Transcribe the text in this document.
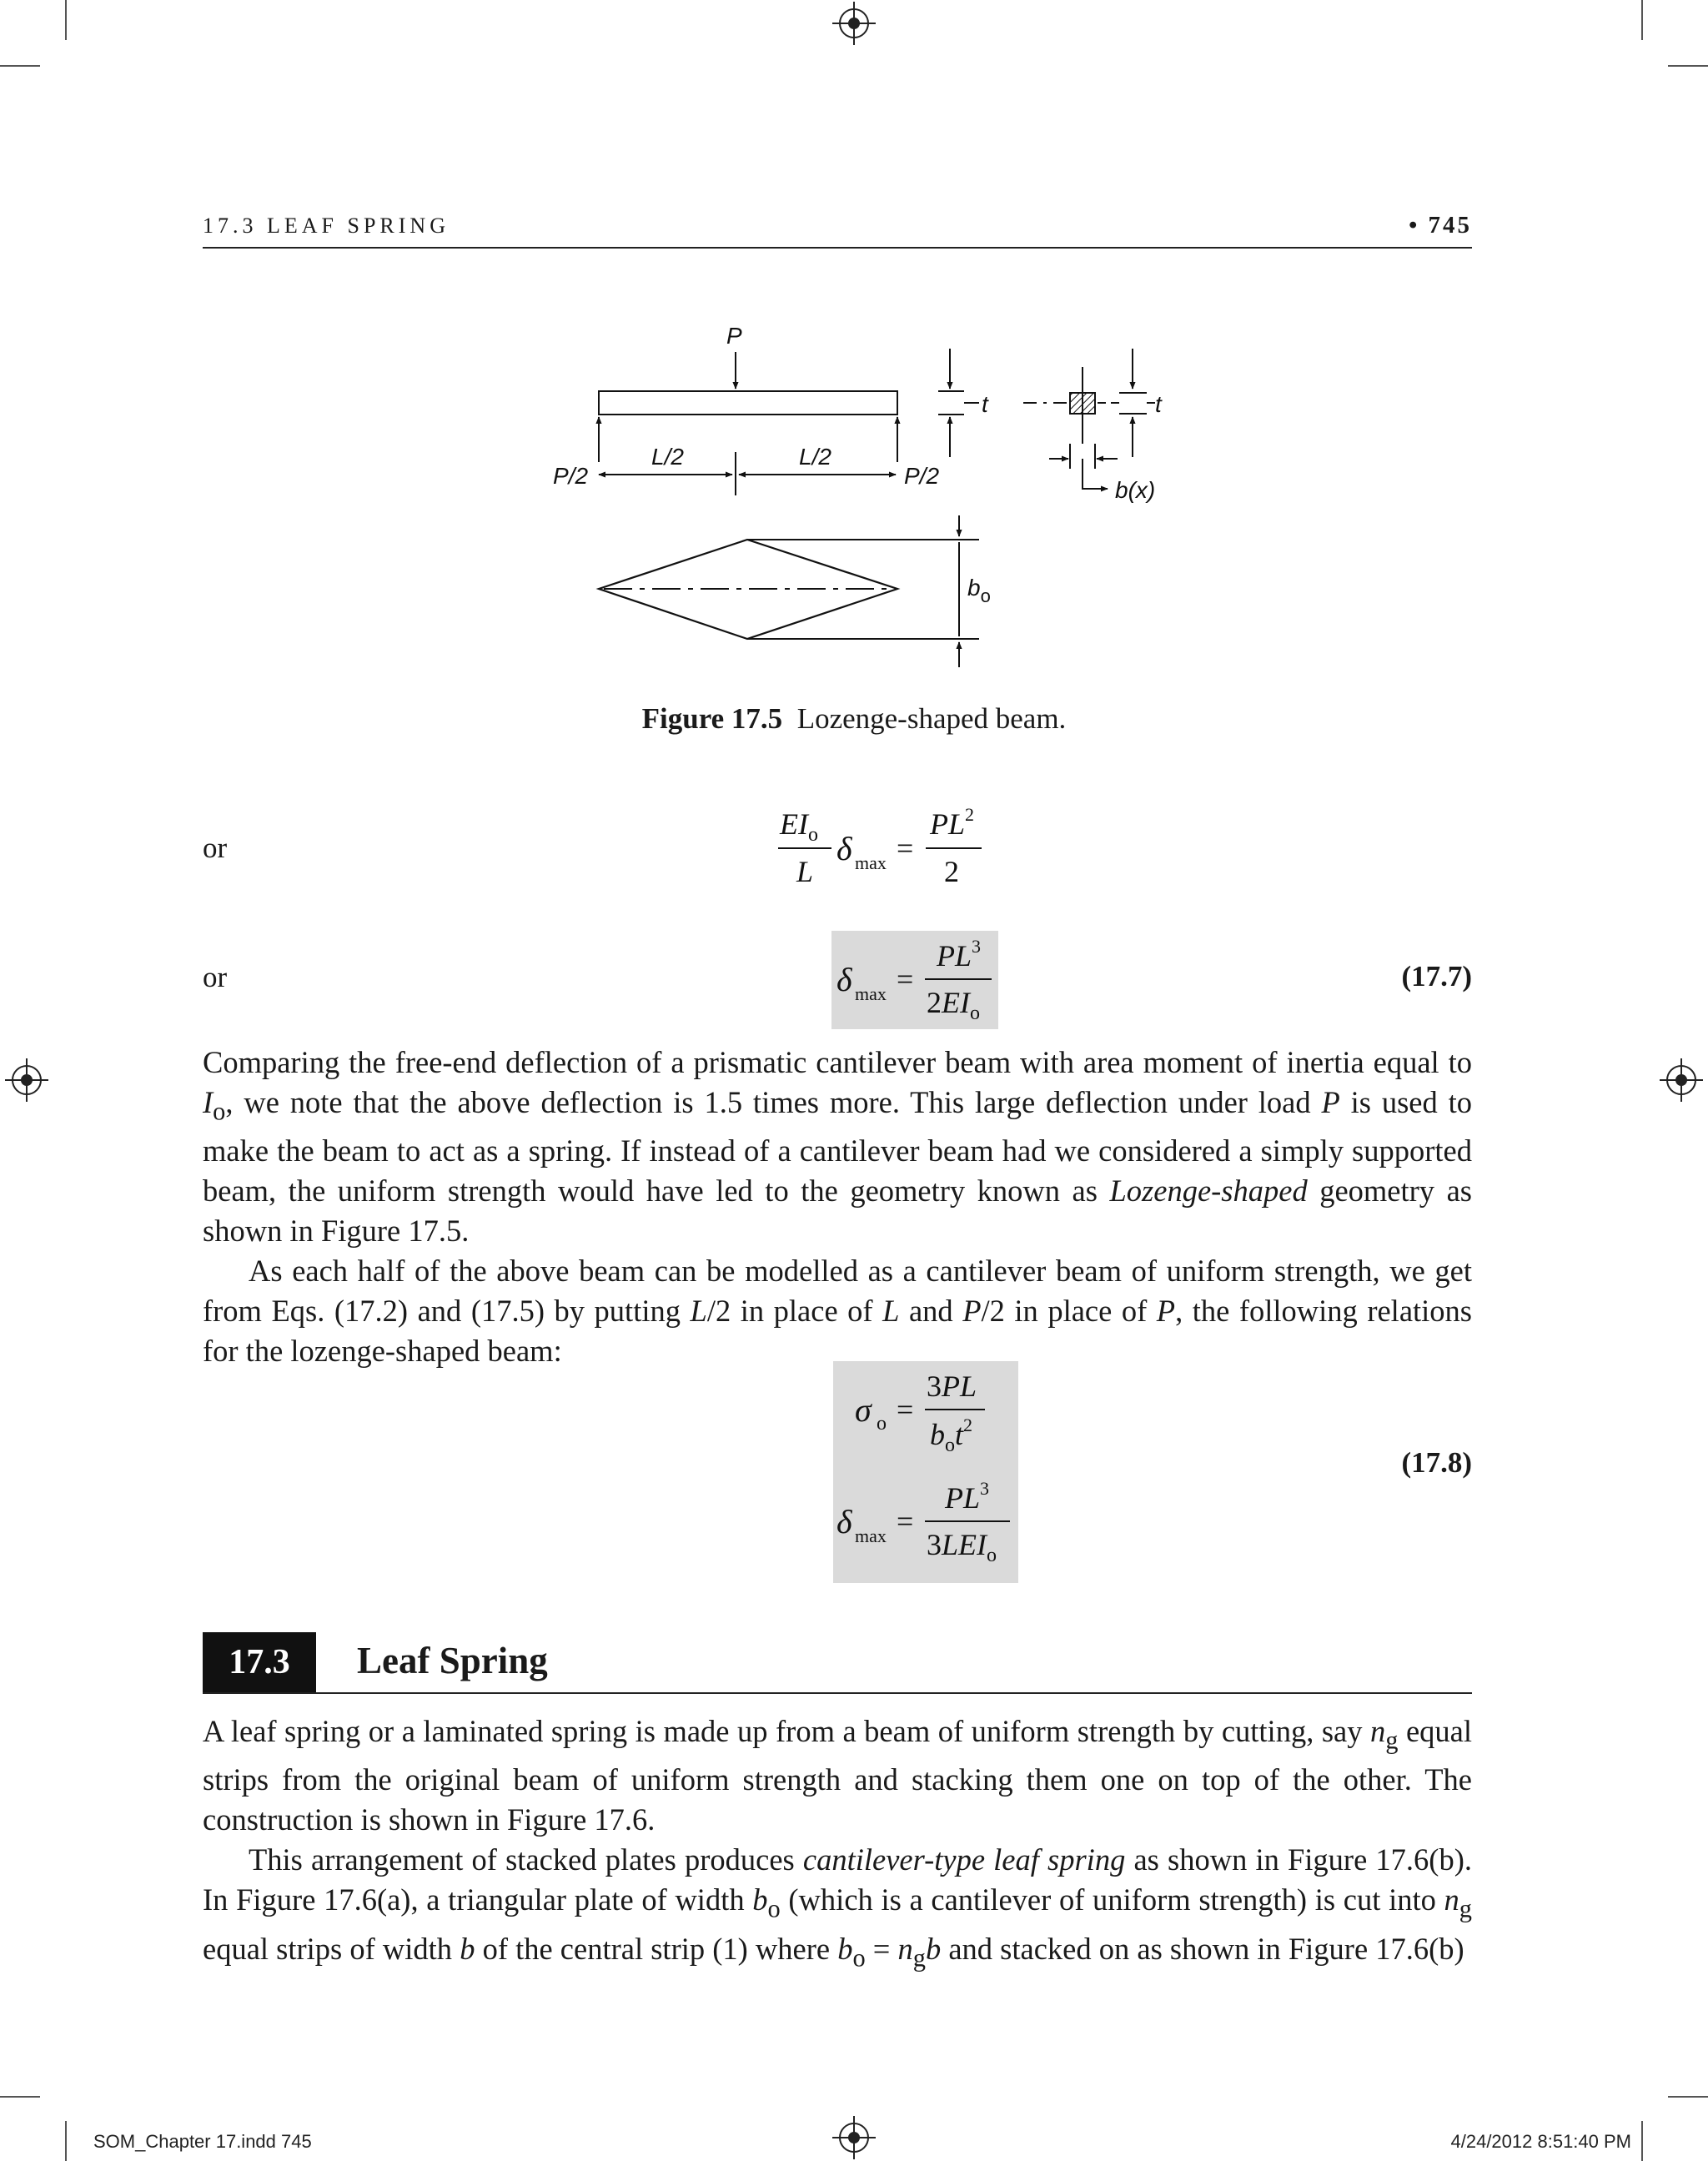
17.3 LEAF SPRING	• 745
P
P/2	P/2
L/2	L/2
t	t
b(x)
$b_o$
Figure 17.5 Lozenge-shaped beam.
or
$EI_o$
L
δ max =
$PL^2$
2
or	δ max =
$PL^3$
$2EI_o$
(17.7)

Comparing the free-end deflection of a prismatic cantilever beam with area moment of inertia equal to $I_o$, we note that the above deflection is 1.5 times more. This large deflection under load P is used to make the beam to act as a spring. If instead of a cantilever beam had we considered a simply supported beam, the uniform strength would have led to the geometry known as Lozenge-shaped geometry as shown in Figure 17.5.

As each half of the above beam can be modelled as a cantilever beam of uniform strength, we get from Eqs. (17.2) and (17.5) by putting L/2 in place of L and P/2 in place of P, the following relations for the lozenge-shaped beam:

σ o =
3PL
$b_ot^2$
δ max =
$PL^3$
$3LEI_o$
(17.8)
17.3	Leaf Spring

A leaf spring or a laminated spring is made up from a beam of uniform strength by cutting, say $n_g$ equal strips from the original beam of uniform strength and stacking them one on top of the other. The construction is shown in Figure 17.6.

This arrangement of stacked plates produces cantilever-type leaf spring as shown in Figure 17.6(b). In Figure 17.6(a), a triangular plate of width $b_o$ (which is a cantilever of uniform strength) is cut into $n_g$ equal strips of width b of the central strip (1) where $b_o = n_gb$ and stacked on as shown in Figure 17.6(b)

SOM_Chapter 17.indd 745	4/24/2012 8:51:40 PM
